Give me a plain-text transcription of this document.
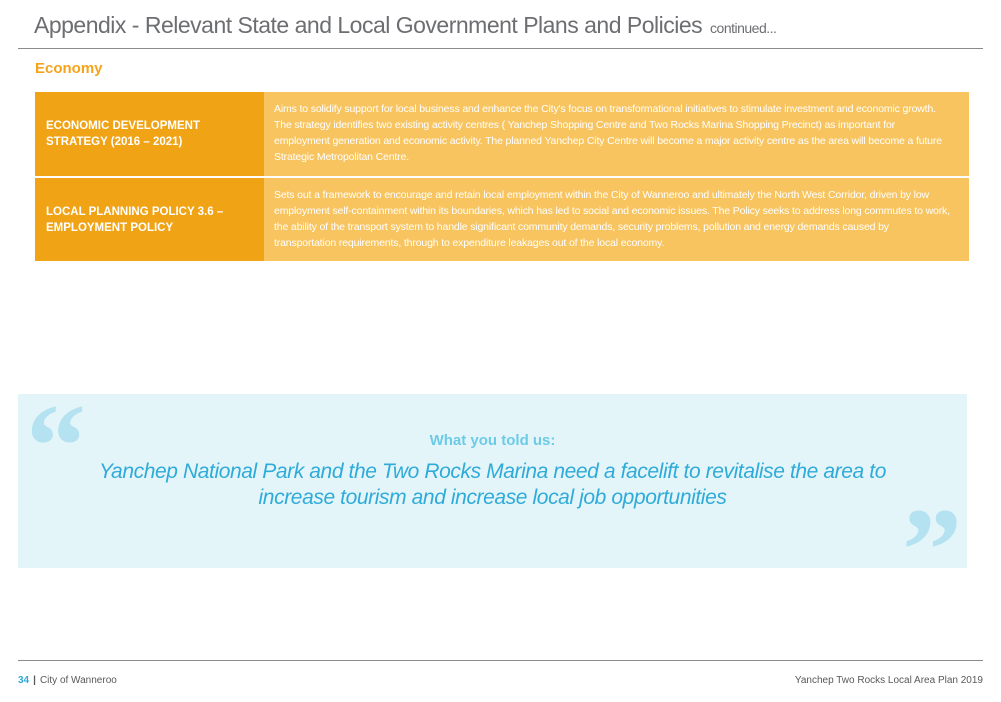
Appendix - Relevant State and Local Government Plans and Policies continued...
Economy
ECONOMIC DEVELOPMENT STRATEGY (2016 – 2021)
Aims to solidify support for local business and enhance the City's focus on transformational initiatives to stimulate investment and economic growth. The strategy identifies two existing activity centres ( Yanchep Shopping Centre and Two Rocks Marina Shopping Precinct) as important for employment generation and economic activity. The planned Yanchep City Centre will become a major activity centre as the area will become a future Strategic Metropolitan Centre.
LOCAL PLANNING POLICY 3.6 – EMPLOYMENT POLICY
Sets out a framework to encourage and retain local employment within the City of Wanneroo and ultimately the North West Corridor, driven by low employment self-containment within its boundaries, which has led to social and economic issues. The Policy seeks to address long commutes to work, the ability of the transport system to handle significant community demands, security problems, pollution and energy demands caused by transportation requirements, through to expenditure leakages out of the local economy.
“	What you told us:
Yanchep National Park and the Two Rocks Marina need a facelift to revitalise the area to increase tourism and increase local job opportunities	”
34 | City of Wanneroo	Yanchep Two Rocks Local Area Plan 2019
